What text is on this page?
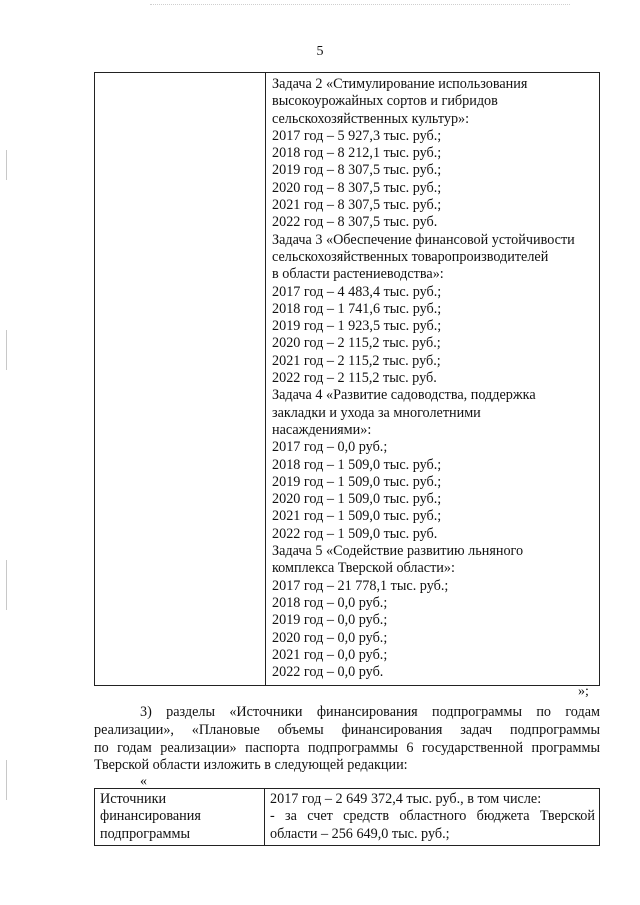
5

Задача 2 «Стимулирование использования
высокоурожайных сортов и гибридов
сельскохозяйственных культур»:
2017 год – 5 927,3 тыс. руб.;
2018 год – 8 212,1 тыс. руб.;
2019 год – 8 307,5 тыс. руб.;
2020 год – 8 307,5 тыс. руб.;
2021 год – 8 307,5 тыс. руб.;
2022 год – 8 307,5 тыс. руб.
Задача 3 «Обеспечение финансовой устойчивости
сельскохозяйственных товаропроизводителей
в области растениеводства»:
2017 год – 4 483,4 тыс. руб.;
2018 год – 1 741,6 тыс. руб.;
2019 год – 1 923,5 тыс. руб.;
2020 год – 2 115,2 тыс. руб.;
2021 год – 2 115,2 тыс. руб.;
2022 год – 2 115,2 тыс. руб.
Задача 4 «Развитие садоводства, поддержка
закладки и ухода за многолетними
насаждениями»:
2017 год – 0,0 руб.;
2018 год – 1 509,0 тыс. руб.;
2019 год – 1 509,0 тыс. руб.;
2020 год – 1 509,0 тыс. руб.;
2021 год – 1 509,0 тыс. руб.;
2022 год – 1 509,0 тыс. руб.
Задача 5 «Содействие развитию льняного
комплекса Тверской области»:
2017 год – 21 778,1 тыс. руб.;
2018 год – 0,0 руб.;
2019 год – 0,0 руб.;
2020 год – 0,0 руб.;
2021 год – 0,0 руб.;
2022 год – 0,0 руб.
»;
3) разделы «Источники финансирования подпрограммы по годам
реализации», «Плановые объемы финансирования задач подпрограммы
по годам реализации» паспорта подпрограммы 6 государственной программы
Тверской области изложить в следующей редакции:
«
Источники
финансирования
подпрограммы

2017 год – 2 649 372,4 тыс. руб., в том числе:
- за счет средств областного бюджета Тверской
области – 256 649,0 тыс. руб.;
